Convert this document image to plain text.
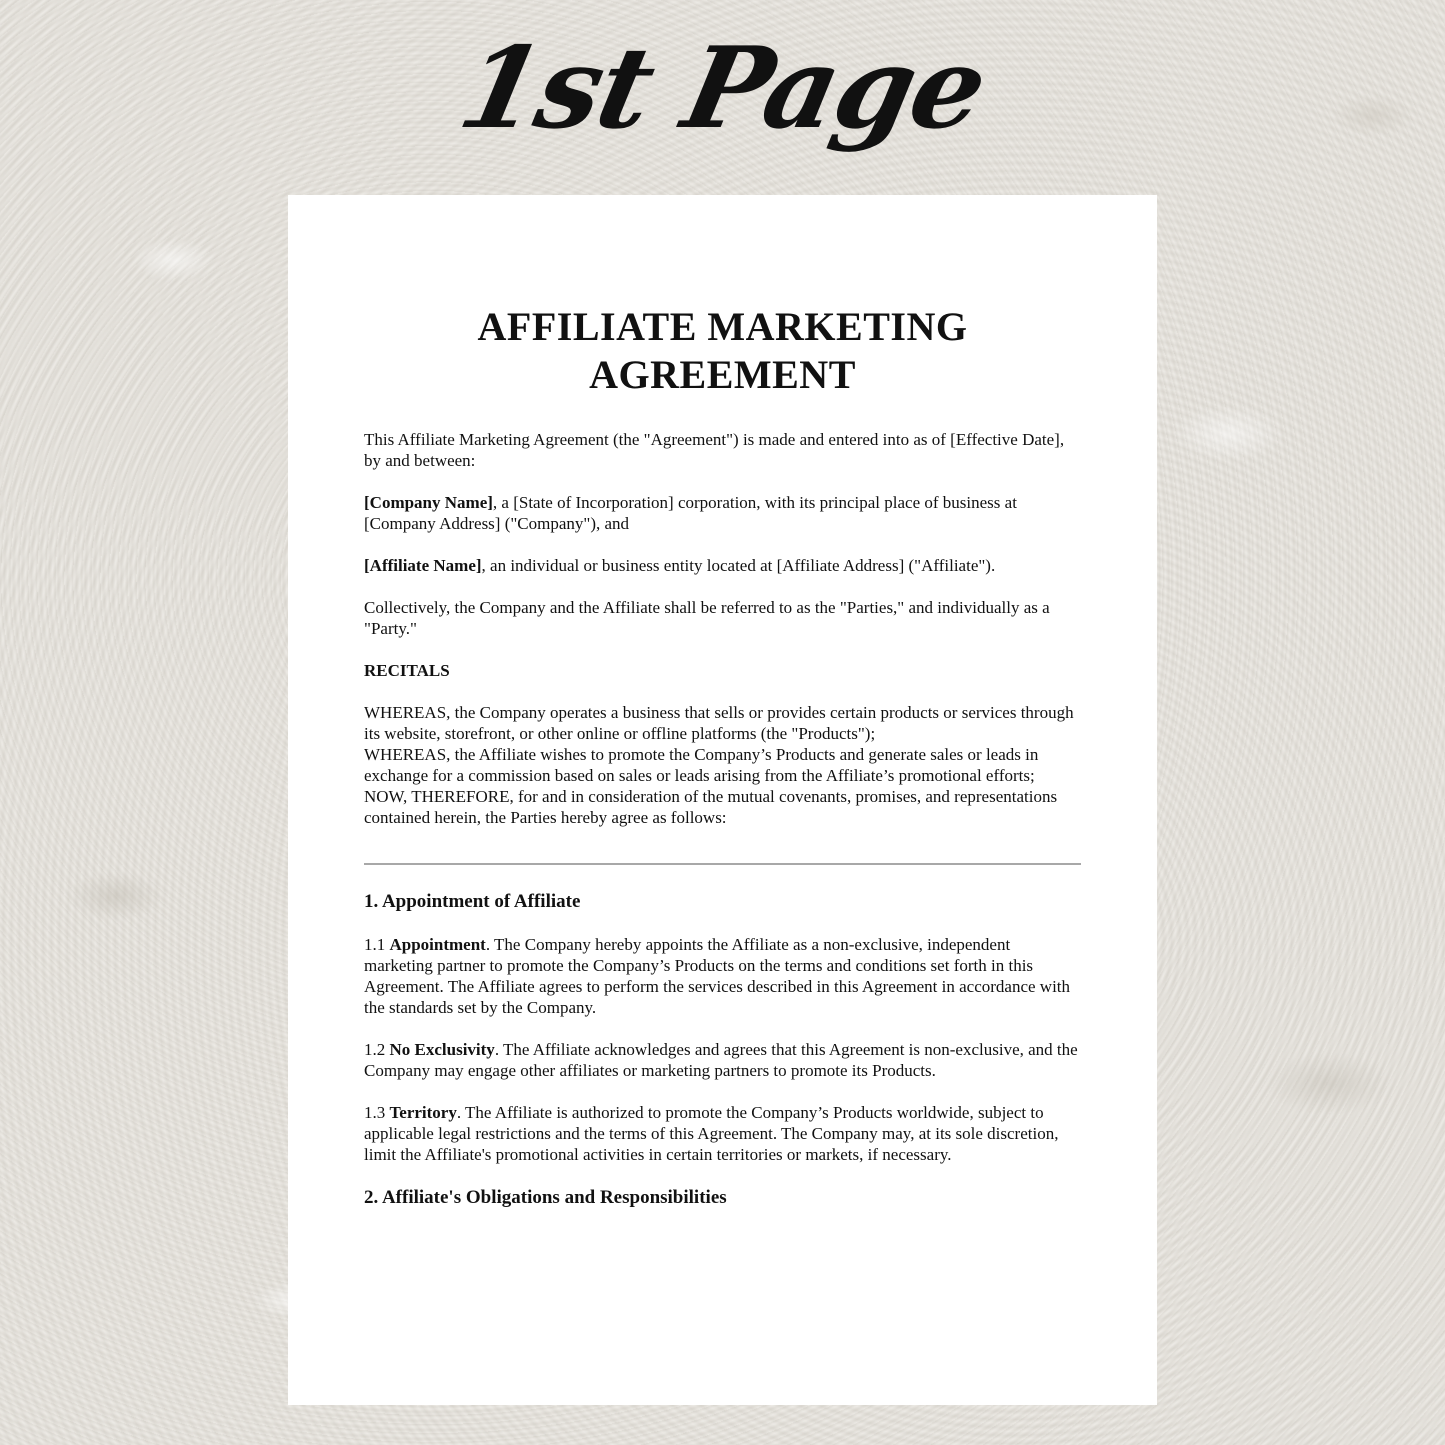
1st Page
AFFILIATE MARKETING
AGREEMENT

This Affiliate Marketing Agreement (the "Agreement") is made and entered into as of [Effective Date], by and between:

[Company Name], a [State of Incorporation] corporation, with its principal place of business at [Company Address] ("Company"), and

[Affiliate Name], an individual or business entity located at [Affiliate Address] ("Affiliate").

Collectively, the Company and the Affiliate shall be referred to as the "Parties," and individually as a "Party."

RECITALS

WHEREAS, the Company operates a business that sells or provides certain products or services through its website, storefront, or other online or offline platforms (the "Products");

WHEREAS, the Affiliate wishes to promote the Company’s Products and generate sales or leads in exchange for a commission based on sales or leads arising from the Affiliate’s promotional efforts;

NOW, THEREFORE, for and in consideration of the mutual covenants, promises, and representations contained herein, the Parties hereby agree as follows:

1. Appointment of Affiliate

1.1 Appointment. The Company hereby appoints the Affiliate as a non-exclusive, independent marketing partner to promote the Company’s Products on the terms and conditions set forth in this Agreement. The Affiliate agrees to perform the services described in this Agreement in accordance with the standards set by the Company.

1.2 No Exclusivity. The Affiliate acknowledges and agrees that this Agreement is non-exclusive, and the Company may engage other affiliates or marketing partners to promote its Products.

1.3 Territory. The Affiliate is authorized to promote the Company’s Products worldwide, subject to applicable legal restrictions and the terms of this Agreement. The Company may, at its sole discretion, limit the Affiliate's promotional activities in certain territories or markets, if necessary.

2. Affiliate's Obligations and Responsibilities
